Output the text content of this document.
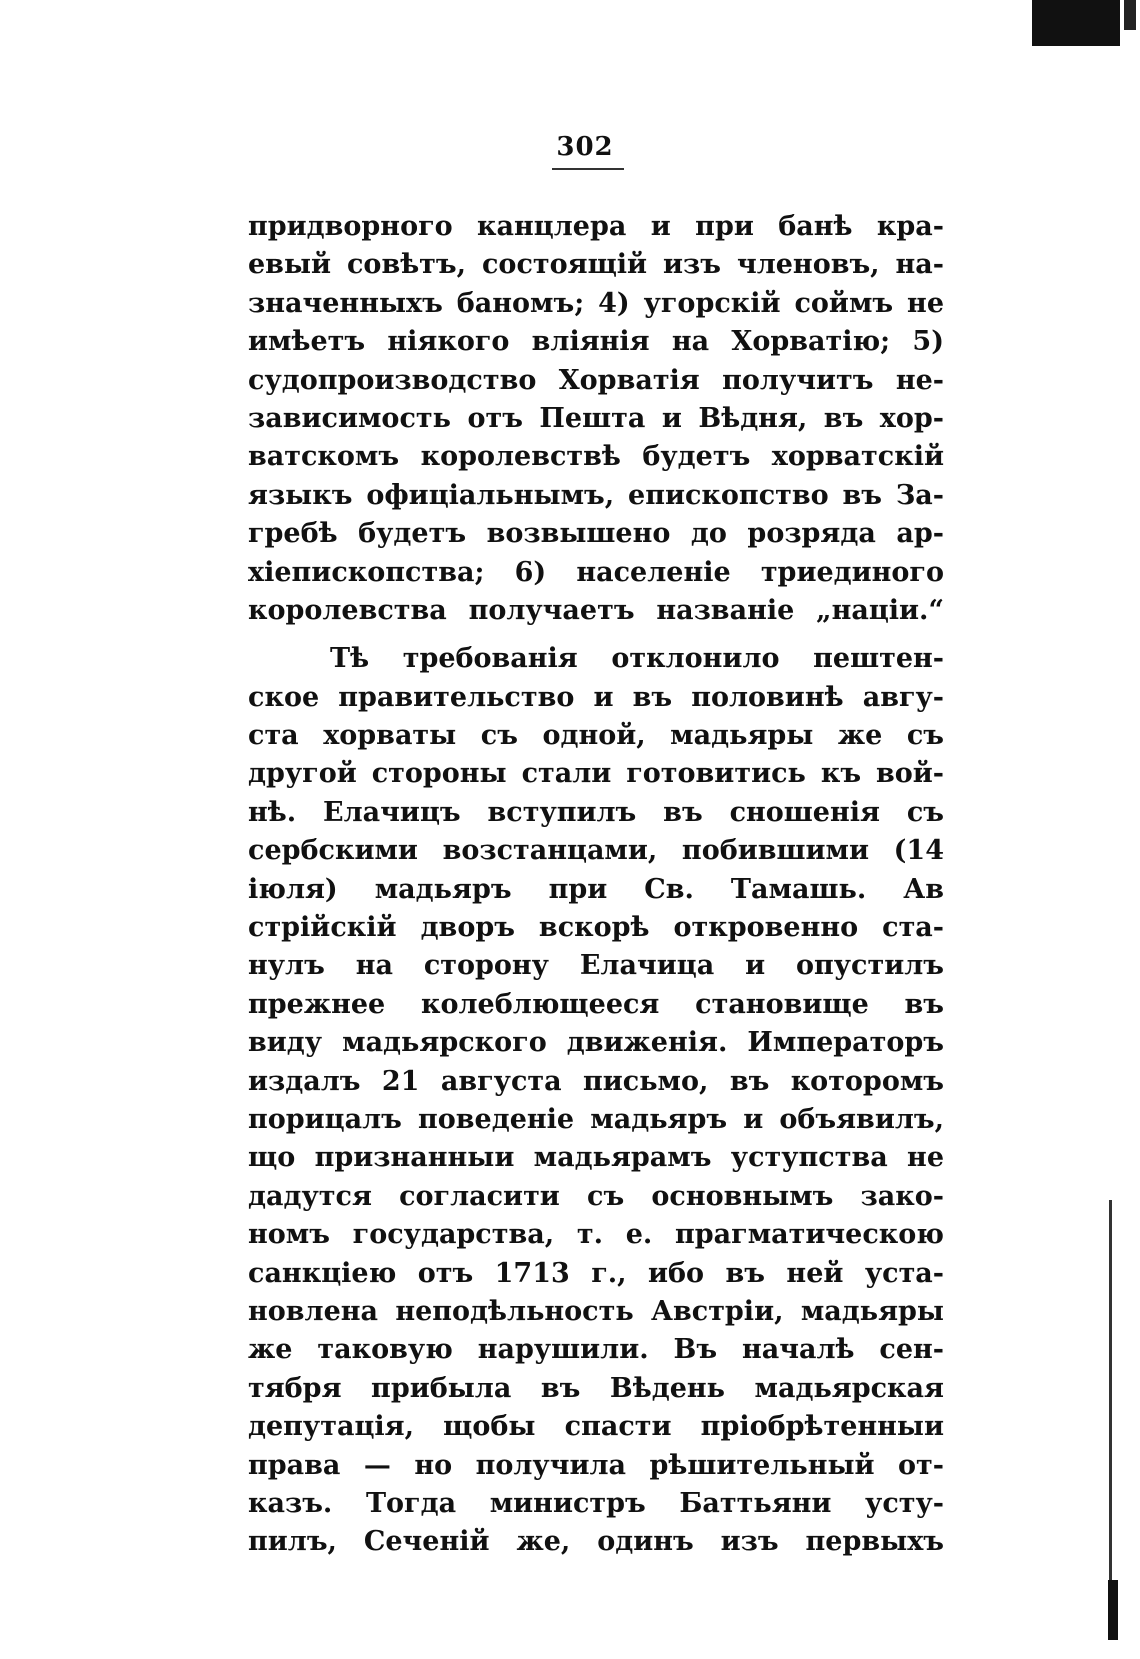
302
придворного канцлера и при банѣ кра-
евый совѣтъ, состоящій изъ членовъ, на-
значенныхъ баномъ; 4) угорскій соймъ не
имѣетъ ніякого вліянія на Хорватію; 5)
судопроизводство Хорватія получитъ не-
зависимость отъ Пешта и Вѣдня, въ хор-
ватскомъ королевствѣ будетъ хорватскій
языкъ офиціальнымъ, епископство въ За-
гребѣ будетъ возвышено до розряда ар-
хіепископства; 6) населеніе триединого
королевства получаетъ названіе „націи.“
Тѣ требованія отклонило пештен-
ское правительство и въ половинѣ авгу-
ста хорваты съ одной, мадьяры же съ
другой стороны стали готовитись къ вой-
нѣ. Елачицъ вступилъ въ сношенія съ
сербскими возстанцами, побившими (14
іюля) мадьяръ при Св. Тамашь. Ав
стрійскій дворъ вскорѣ откровенно ста-
нулъ на сторону Елачица и опустилъ
прежнее колеблющееся становище въ
виду мадьярского движенія. Императоръ
издалъ 21 августа письмо, въ которомъ
порицалъ поведеніе мадьяръ и объявилъ,
що признанныи мадьярамъ уступства не
дадутся согласити съ основнымъ зако-
номъ государства, т. е. прагматическою
санкціею отъ 1713 г., ибо въ ней уста-
новлена неподѣльность Австріи, мадьяры
же таковую нарушили. Въ началѣ сен-
тября прибыла въ Вѣдень мадьярская
депутація, щобы спасти пріобрѣтенныи
права — но получила рѣшительный от-
казъ. Тогда министръ Баттьяни усту-
пилъ, Сеченій же, одинъ изъ первыхъ
